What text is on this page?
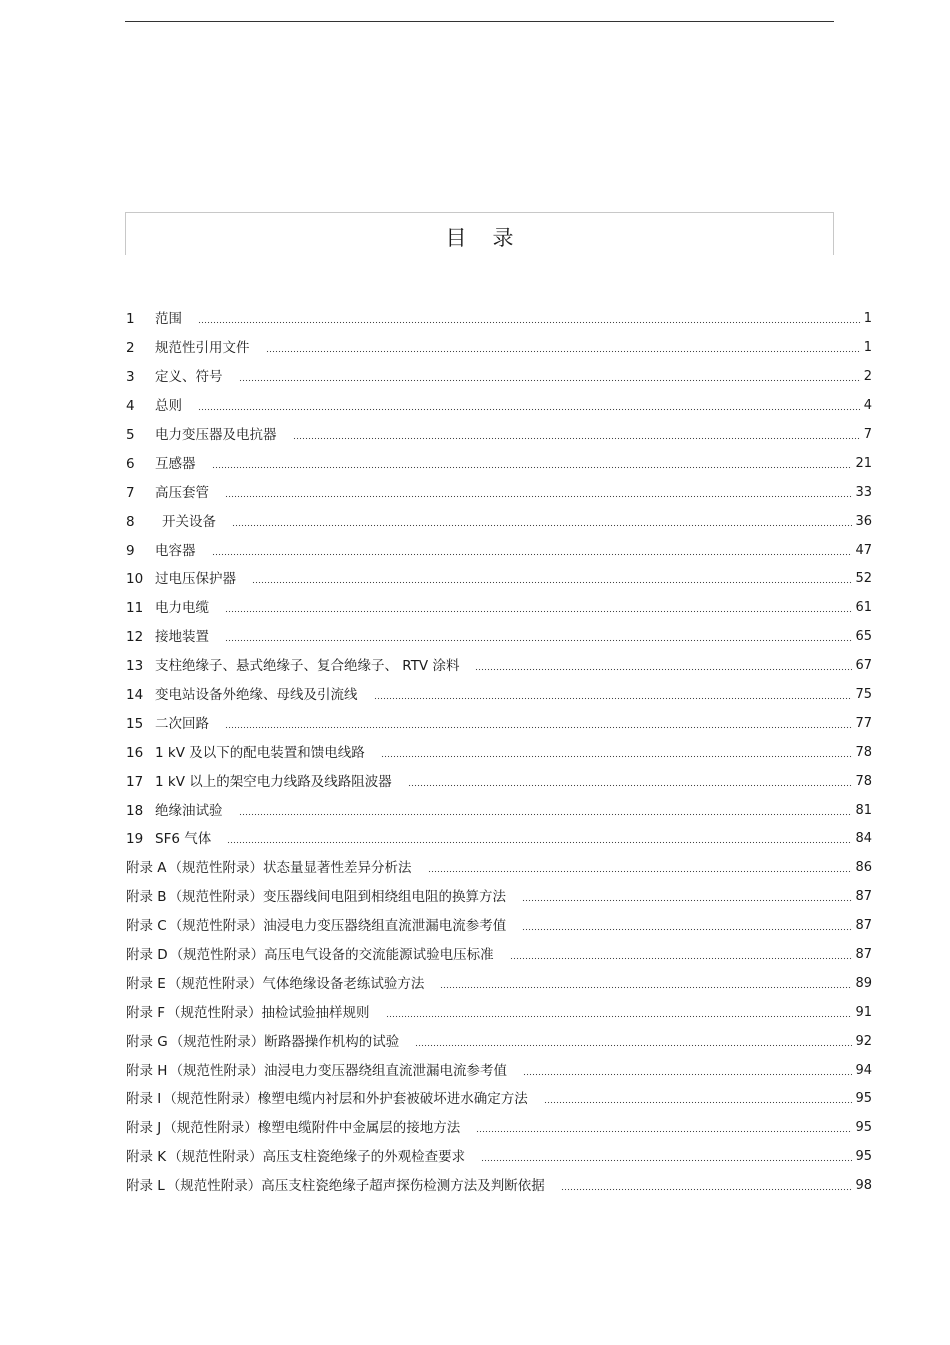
目录
1	范围	1
2	规范性引用文件	1
3	定义、符号	2
4	总则	4
5	电力变压器及电抗器	7
6	互感器	21
7	高压套管	33
8	开关设备	36
9	电容器	47
10 过电压保护器	52
11 电力电缆	61
12 接地装置	65
13 支柱绝缘子、悬式绝缘子、复合绝缘子、 RTV 涂料	67
14 变电站设备外绝缘、母线及引流线	75
15 二次回路	77
16 1 kV 及以下的配电装置和馈电线路	78
17 1 kV 以上的架空电力线路及线路阻波器	78
18 绝缘油试验	81
19 SF6 气体	84
附录 A （规范性附录）状态量显著性差异分析法	86
附录 B （规范性附录）变压器线间电阻到相绕组电阻的换算方法	87
附录 C （规范性附录）油浸电力变压器绕组直流泄漏电流参考值	87
附录 D （规范性附录）高压电气设备的交流能源试验电压标准	87
附录 E （规范性附录）气体绝缘设备老练试验方法	89
附录 F （规范性附录）抽检试验抽样规则	91
附录 G （规范性附录）断路器操作机构的试验	92
附录 H （规范性附录）油浸电力变压器绕组直流泄漏电流参考值	94
附录 I （规范性附录）橡塑电缆内衬层和外护套被破坏进水确定方法	95
附录 J （规范性附录）橡塑电缆附件中金属层的接地方法	95
附录 K （规范性附录）高压支柱瓷绝缘子的外观检查要求	95
附录 L （规范性附录）高压支柱瓷绝缘子超声探伤检测方法及判断依据	98
